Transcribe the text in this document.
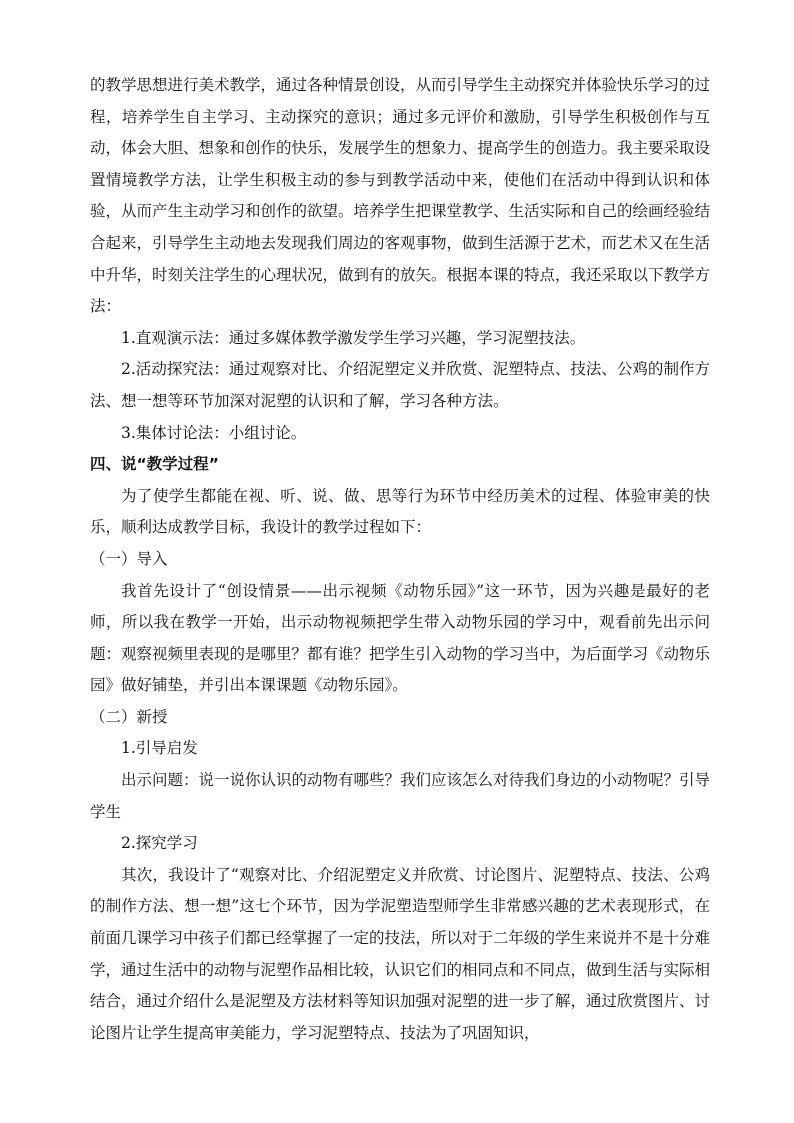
的教学思想进行美术教学，通过各种情景创设，从而引导学生主动探究并体验快乐学习的过程，培养学生自主学习、主动探究的意识；通过多元评价和激励，引导学生积极创作与互动，体会大胆、想象和创作的快乐，发展学生的想象力、提高学生的创造力。我主要采取设置情境教学方法，让学生积极主动的参与到教学活动中来，使他们在活动中得到认识和体验，从而产生主动学习和创作的欲望。培养学生把课堂教学、生活实际和自己的绘画经验结合起来，引导学生主动地去发现我们周边的客观事物，做到生活源于艺术，而艺术又在生活中升华，时刻关注学生的心理状况，做到有的放矢。根据本课的特点，我还采取以下教学方法：

1.直观演示法：通过多媒体教学激发学生学习兴趣，学习泥塑技法。

2.活动探究法：通过观察对比、介绍泥塑定义并欣赏、泥塑特点、技法、公鸡的制作方法、想一想等环节加深对泥塑的认识和了解，学习各种方法。

3.集体讨论法：小组讨论。

四、说“教学过程”

为了使学生都能在视、听、说、做、思等行为环节中经历美术的过程、体验审美的快乐，顺利达成教学目标，我设计的教学过程如下：

（一）导入

我首先设计了“创设情景——出示视频《动物乐园》”这一环节，因为兴趣是最好的老师，所以我在教学一开始，出示动物视频把学生带入动物乐园的学习中，观看前先出示问题：观察视频里表现的是哪里？都有谁？把学生引入动物的学习当中，为后面学习《动物乐园》做好铺垫，并引出本课课题《动物乐园》。

（二）新授

1.引导启发

出示问题：说一说你认识的动物有哪些？我们应该怎么对待我们身边的小动物呢？引导学生

2.探究学习

其次，我设计了“观察对比、介绍泥塑定义并欣赏、讨论图片、泥塑特点、技法、公鸡的制作方法、想一想”这七个环节，因为学泥塑造型师学生非常感兴趣的艺术表现形式，在前面几课学习中孩子们都已经掌握了一定的技法，所以对于二年级的学生来说并不是十分难学，通过生活中的动物与泥塑作品相比较，认识它们的相同点和不同点，做到生活与实际相结合，通过介绍什么是泥塑及方法材料等知识加强对泥塑的进一步了解，通过欣赏图片、讨论图片让学生提高审美能力，学习泥塑特点、技法为了巩固知识，
